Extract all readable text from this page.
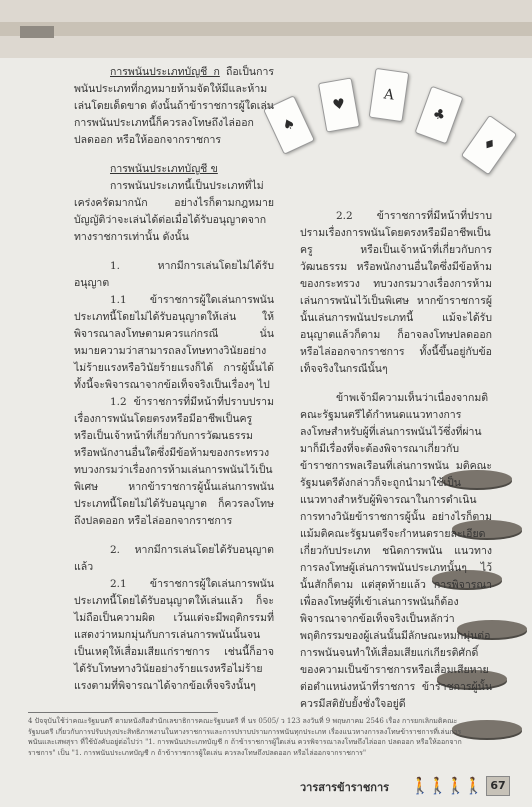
♠
♥
A
♣
♦

การพนันประเภทบัญชี ก ถือเป็นการพนันประเภทที่กฎหมายห้ามจัดให้มีและห้ามเล่นโดยเด็ดขาด ดังนั้นถ้าข้าราชการผู้ใดเล่นการพนันประเภทนี้ก็ควรลงโทษถึงไล่ออก ปลดออก หรือให้ออกจากราชการ

การพนันประเภทบัญชี ข

การพนันประเภทนี้เป็นประเภทที่ไม่เคร่งครัดมากนัก อย่างไรก็ตามกฎหมายบัญญัติว่าจะเล่นได้ต่อเมื่อได้รับอนุญาตจากทางราชการเท่านั้น ดังนั้น

1. หากมีการเล่นโดยไม่ได้รับอนุญาต

1.1 ข้าราชการผู้ใดเล่นการพนันประเภทนี้โดยไม่ได้รับอนุญาตให้เล่น ให้พิจารณาลงโทษตามควรแก่กรณี นั่นหมายความว่าสามารถลงโทษทางวินัยอย่างไม่ร้ายแรงหรือวินัยร้ายแรงก็ได้ การผู้นั้นได้ทั้งนี้จะพิจารณาจากข้อเท็จจริงเป็นเรื่องๆ ไป

1.2 ข้าราชการที่มีหน้าที่ปราบปรามเรื่องการพนันโดยตรงหรือมีอาชีพเป็นครู หรือเป็นเจ้าหน้าที่เกี่ยวกับการวัฒนธรรม หรือพนักงานอื่นใดซึ่งมีข้อห้ามของกระทรวง ทบวงกรมว่าเรื่องการห้ามเล่นการพนันไว้เป็นพิเศษ หากข้าราชการผู้นั้นเล่นการพนันประเภทนี้โดยไม่ได้รับอนุญาต ก็ควรลงโทษถึงปลดออก หรือไล่ออกจากราชการ

2. หากมีการเล่นโดยได้รับอนุญาตแล้ว

2.1 ข้าราชการผู้ใดเล่นการพนันประเภทนี้โดยได้รับอนุญาตให้เล่นแล้ว ก็จะไม่ถือเป็นความผิด เว้นแต่จะมีพฤติกรรมที่แสดงว่าหมกมุ่นกับการเล่นการพนันนั้นจนเป็นเหตุให้เสื่อมเสียแก่ราชการ เช่นนี้ก็อาจได้รับโทษทางวินัยอย่างร้ายแรงหรือไม่ร้ายแรงตามที่พิจารณาได้จากข้อเท็จจริงนั้นๆ

2.2 ข้าราชการที่มีหน้าที่ปราบปรามเรื่องการพนันโดยตรงหรือมีอาชีพเป็นครู หรือเป็นเจ้าหน้าที่เกี่ยวกับการวัฒนธรรม หรือพนักงานอื่นใดซึ่งมีข้อห้ามของกระทรวง ทบวงกรมวางเรื่องการห้ามเล่นการพนันไว้เป็นพิเศษ หากข้าราชการผู้นั้นเล่นการพนันประเภทนี้ แม้จะได้รับอนุญาตแล้วก็ตาม ก็อาจลงโทษปลดออก หรือไล่ออกจากราชการ ทั้งนี้ขึ้นอยู่กับข้อเท็จจริงในกรณีนั้นๆ

ข้าพเจ้ามีความเห็นว่าเนื่องจากมติคณะรัฐมนตรีได้กำหนดแนวทางการลงโทษสำหรับผู้ที่เล่นการพนันไว้ซึ่งที่ผ่านมาก็มีเรื่องที่จะต้องพิจารณาเกี่ยวกับข้าราชการพลเรือนที่เล่นการพนัน มติคณะรัฐมนตรีดังกล่าวก็จะถูกนำมาใช้เป็นแนวทางสำหรับผู้พิจารณาในการดำเนินการทางวินัยข้าราชการผู้นั้น อย่างไรก็ตามแม้มติคณะรัฐมนตรีจะกำหนดรายละเอียดเกี่ยวกับประเภท ชนิดการพนัน แนวทางการลงโทษผู้เล่นการพนันประเภทนั้นๆ ไว้นั้นสักก็ตาม แต่สุดท้ายแล้ว การพิจารณาเพื่อลงโทษผู้ที่เข้าเล่นการพนันก็ต้องพิจารณาจากข้อเท็จจริงเป็นหลักว่าพฤติกรรมของผู้เล่นนั้นมีลักษณะหมกมุ่นต่อการพนันจนทำให้เสื่อมเสียแก่เกียรติศักดิ์ของความเป็นข้าราชการหรือเสื่อมเสียหายต่อตำแหน่งหน้าที่ราชการ ข้าราชการผู้นั้นควรมีสติยับยั้งชั่งใจอยู่ดี

4 ปัจจุบันใช้ว่าคณะรัฐมนตรี ตามหนังสือสำนักเลขาธิการคณะรัฐมนตรี ที่ นร 0505/ ว 123 ลงวันที่ 9 พฤษภาคม 2546 เรื่อง การยกเลิกมติคณะรัฐมนตรี เกี่ยวกับการปรับปรุงประสิทธิภาพงานในทางราชการและการปราบปรามการพนันทุกประเภท เรื่องแนวทางการลงโทษข้าราชการที่เล่นการพนันและเสพสุรา ที่ใช้บังคับอยู่ต่อไปว่า "1. การพนันประเภทบัญชี ก ถ้าข้าราชการผู้ใดเล่น ควรพิจารณาลงโทษถึงไล่ออก ปลดออก หรือให้ออกจากราชการ" เป็น "1. การพนันประเภทบัญชี ก ถ้าข้าราชการผู้ใดเล่น ควรลงโทษถึงปลดออก หรือไล่ออกจากราชการ"
วารสารข้าราชการ 🚶🚶🚶🚶 67
